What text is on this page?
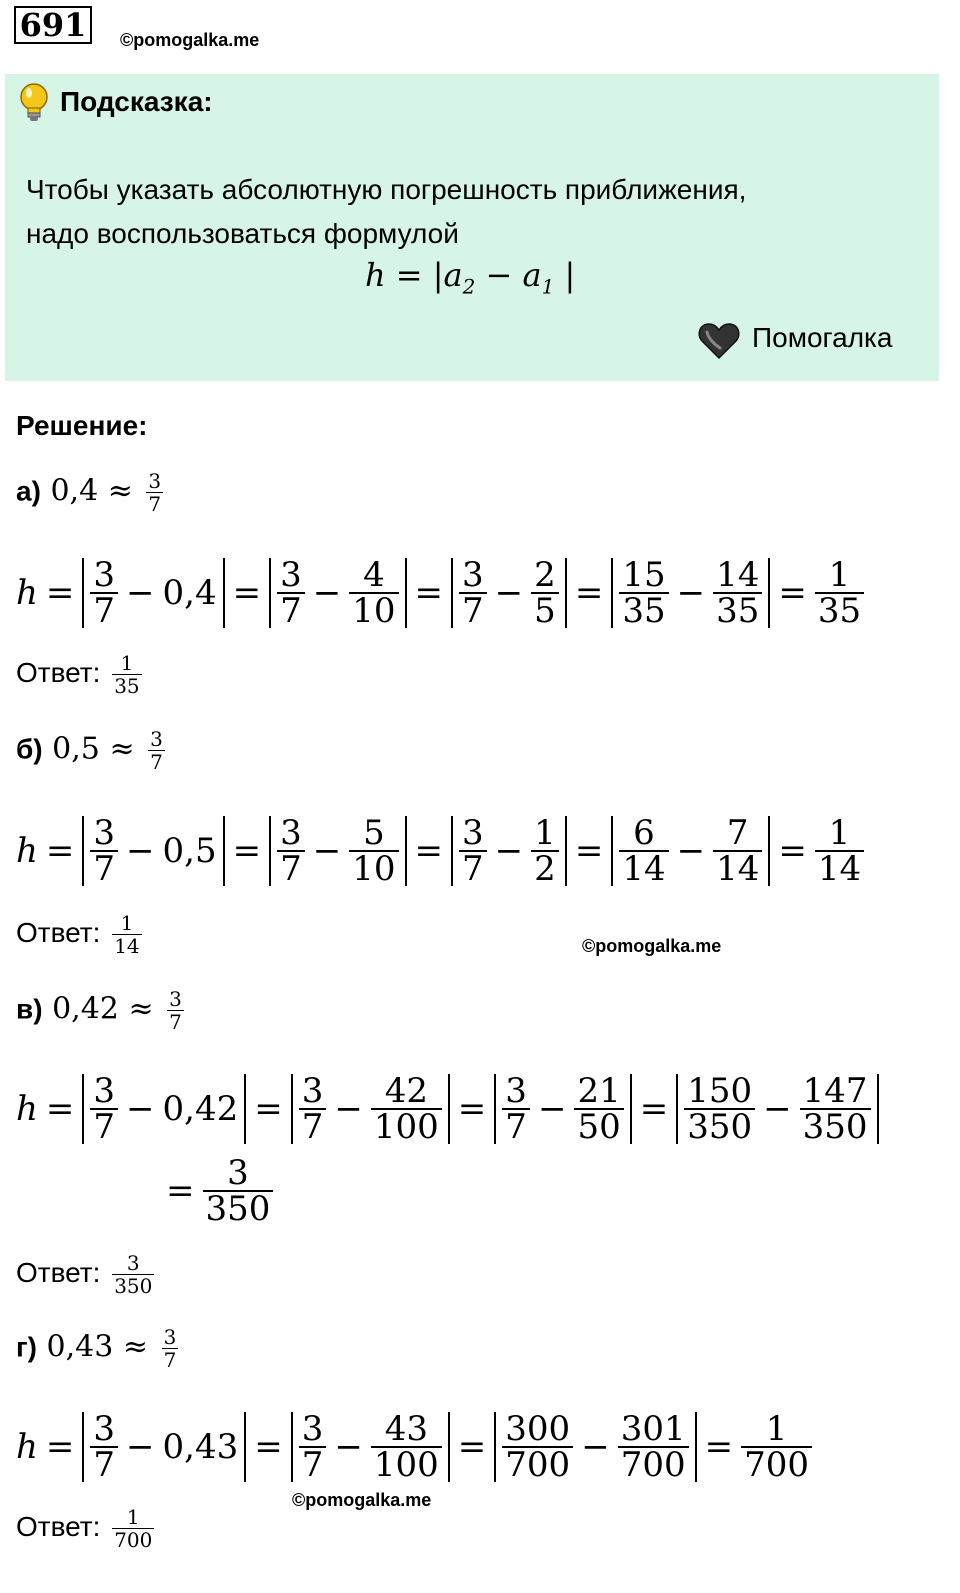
691	©pomogalka.me
Подсказка:
Чтобы указать абсолютную погрешность приближения,
надо воспользоваться формулой
$h = |a_2 - a_1$ |
Помогалка
Решение:
©pomogalka.me
©pomogalka.me
а) $0,4 \approx \frac{3}{7}$
$h = \frac{3}{7} - 0,4 = \frac{3}{7} - \frac{4}{10} = \frac{3}{7} - \frac{2}{5} = \frac{15}{35} - \frac{14}{35} = \frac{1}{35}$
Ответ: $\frac{1}{35}$
б) $0,5 \approx \frac{3}{7}$
$h = \frac{3}{7} - 0,5 = \frac{3}{7} - \frac{5}{10} = \frac{3}{7} - \frac{1}{2} = \frac{6}{14} - \frac{7}{14} = \frac{1}{14}$
Ответ: $\frac{1}{14}$
в) $0,42 \approx \frac{3}{7}$
$h = \frac{3}{7} - 0,42 = \frac{3}{7} - \frac{42}{100} = \frac{3}{7} - \frac{21}{50} = \frac{150}{350} - \frac{147}{350}$
= $\frac{3}{350}$
Ответ: $\frac{3}{350}$
г) $0,43 \approx \frac{3}{7}$
$h = \frac{3}{7} - 0,43 = \frac{3}{7} - \frac{43}{100} = \frac{300}{700} - \frac{301}{700} = \frac{1}{700}$
Ответ: $\frac{1}{700}$
